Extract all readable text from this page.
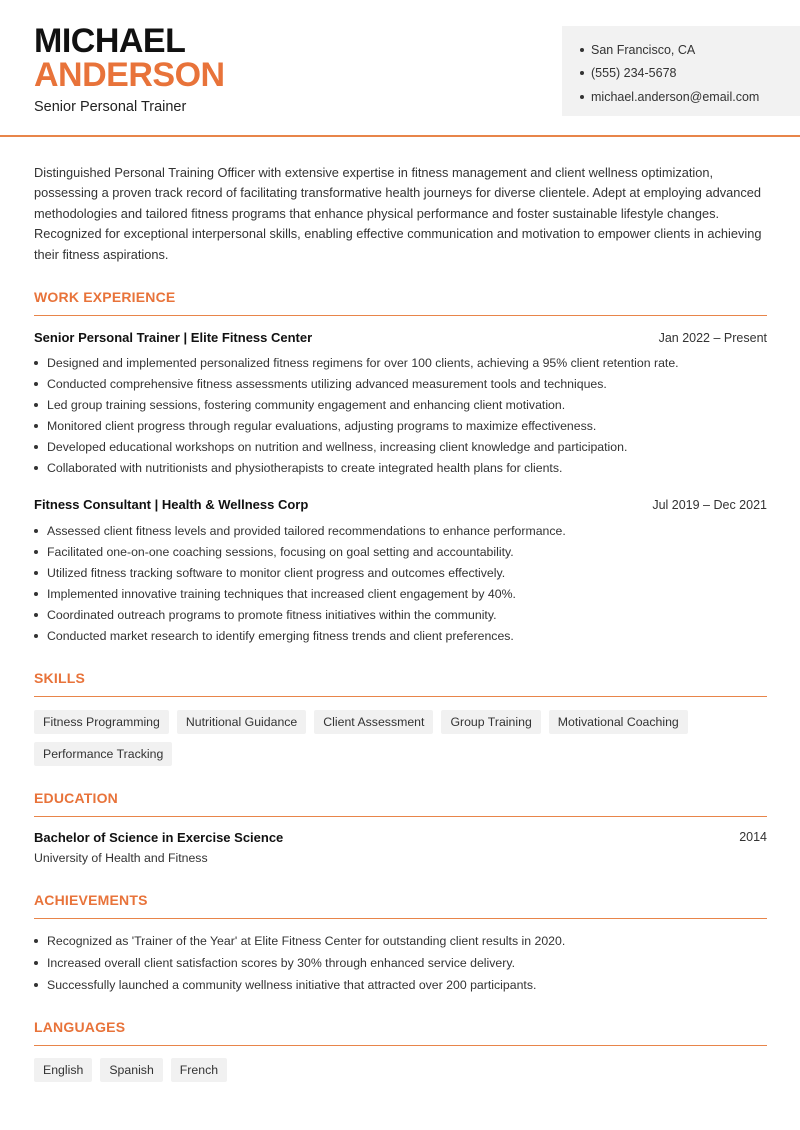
MICHAEL
ANDERSON
Senior Personal Trainer
San Francisco, CA
(555) 234-5678
michael.anderson@email.com

Distinguished Personal Training Officer with extensive expertise in fitness management and client wellness optimization, possessing a proven track record of facilitating transformative health journeys for diverse clientele. Adept at employing advanced methodologies and tailored fitness programs that enhance physical performance and foster sustainable lifestyle changes. Recognized for exceptional interpersonal skills, enabling effective communication and motivation to empower clients in achieving their fitness aspirations.

WORK EXPERIENCE
Senior Personal Trainer | Elite Fitness Center	Jan 2022 – Present
Designed and implemented personalized fitness regimens for over 100 clients, achieving a 95% client retention rate.
Conducted comprehensive fitness assessments utilizing advanced measurement tools and techniques.
Led group training sessions, fostering community engagement and enhancing client motivation.
Monitored client progress through regular evaluations, adjusting programs to maximize effectiveness.
Developed educational workshops on nutrition and wellness, increasing client knowledge and participation.
Collaborated with nutritionists and physiotherapists to create integrated health plans for clients.
Fitness Consultant | Health & Wellness Corp	Jul 2019 – Dec 2021
Assessed client fitness levels and provided tailored recommendations to enhance performance.
Facilitated one-on-one coaching sessions, focusing on goal setting and accountability.
Utilized fitness tracking software to monitor client progress and outcomes effectively.
Implemented innovative training techniques that increased client engagement by 40%.
Coordinated outreach programs to promote fitness initiatives within the community.
Conducted market research to identify emerging fitness trends and client preferences.
SKILLS
Fitness Programming	Nutritional Guidance	Client Assessment	Group Training	Motivational Coaching
Performance Tracking
EDUCATION
Bachelor of Science in Exercise Science	2014
University of Health and Fitness
ACHIEVEMENTS
Recognized as 'Trainer of the Year' at Elite Fitness Center for outstanding client results in 2020.
Increased overall client satisfaction scores by 30% through enhanced service delivery.
Successfully launched a community wellness initiative that attracted over 200 participants.
LANGUAGES
English	Spanish	French
